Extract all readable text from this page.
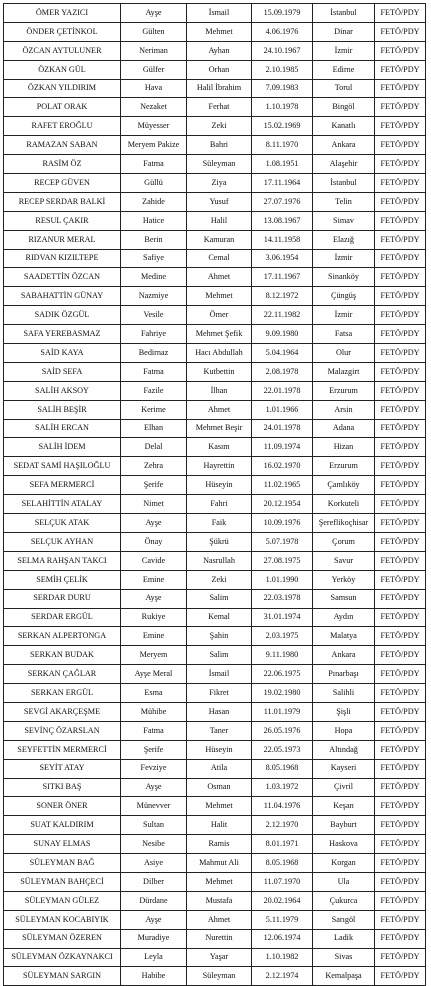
ÖMER YAZICI	Ayşe	İsmail	15.09.1979	İstanbul	FETÖ/PDY
ÖNDER ÇETİNKOL	Gülten	Mehmet	4.06.1976	Dinar	FETÖ/PDY
ÖZCAN AYTULUNER	Neriman	Ayhan	24.10.1967	İzmir	FETÖ/PDY
ÖZKAN GÜL	Gülfer	Orhan	2.10.1985	Edirne	FETÖ/PDY
ÖZKAN YILDIRIM	Hava	Halil İbrahim	7.09.1983	Torul	FETÖ/PDY
POLAT ORAK	Nezaket	Ferhat	1.10.1978	Bingöl	FETÖ/PDY
RAFET EROĞLU	Müyesser	Zeki	15.02.1969	Kanatlı	FETÖ/PDY
RAMAZAN SABAN	Meryem Pakize	Bahri	8.11.1970	Ankara	FETÖ/PDY
RASİM ÖZ	Fatma	Süleyman	1.08.1951	Alaşehir	FETÖ/PDY
RECEP GÜVEN	Güllü	Ziya	17.11.1964	İstanbul	FETÖ/PDY
RECEP SERDAR BALKİ	Zahide	Yusuf	27.07.1976	Telin	FETÖ/PDY
RESUL ÇAKIR	Hatice	Halil	13.08.1967	Simav	FETÖ/PDY
RIZANUR MERAL	Berin	Kamuran	14.11.1958	Elazığ	FETÖ/PDY
RIDVAN KIZILTEPE	Safiye	Cemal	3.06.1954	İzmir	FETÖ/PDY
SAADETTİN ÖZCAN	Medine	Ahmet	17.11.1967	Sinanköy	FETÖ/PDY
SABAHATTİN GÜNAY	Nazmiye	Mehmet	8.12.1972	Çüngüş	FETÖ/PDY
SADIK ÖZGÜL	Vesile	Ömer	22.11.1982	İzmir	FETÖ/PDY
SAFA YEREBASMAZ	Fahriye	Mehmet Şefik	9.09.1980	Fatsa	FETÖ/PDY
SAİD KAYA	Bedirnaz	Hacı Abdullah	5.04.1964	Olur	FETÖ/PDY
SAİD SEFA	Fatma	Kutbettin	2.08.1978	Malazgirt	FETÖ/PDY
SALİH AKSOY	Fazile	İlhan	22.01.1978	Erzurum	FETÖ/PDY
SALİH BEŞİR	Kerime	Ahmet	1.01.1966	Arsin	FETÖ/PDY
SALİH ERCAN	Elhan	Mehmet Beşir	24.01.1978	Adana	FETÖ/PDY
SALİH İDEM	Delal	Kasım	11.09.1974	Hizan	FETÖ/PDY
SEDAT SAMİ HAŞILOĞLU	Zehra	Hayrettin	16.02.1970	Erzurum	FETÖ/PDY
SEFA MERMERCİ	Şerife	Hüseyin	11.02.1965	Çamlıköy	FETÖ/PDY
SELAHİTTİN ATALAY	Nimet	Fahri	20.12.1954	Korkuteli	FETÖ/PDY
SELÇUK ATAK	Ayşe	Faik	10.09.1976	Şereflikoçhisar	FETÖ/PDY
SELÇUK AYHAN	Önay	Şükrü	5.07.1978	Çorum	FETÖ/PDY
SELMA RAHŞAN TAKCI	Cavide	Nasrullah	27.08.1975	Savur	FETÖ/PDY
SEMİH ÇELİK	Emine	Zeki	1.01.1990	Yerköy	FETÖ/PDY
SERDAR DURU	Ayşe	Salim	22.03.1978	Samsun	FETÖ/PDY
SERDAR ERGÜL	Rukiye	Kemal	31.01.1974	Aydın	FETÖ/PDY
SERKAN ALPERTONGA	Emine	Şahin	2.03.1975	Malatya	FETÖ/PDY
SERKAN BUDAK	Meryem	Salim	9.11.1980	Ankara	FETÖ/PDY
SERKAN ÇAĞLAR	Ayşe Meral	İsmail	22.06.1975	Pınarbaşı	FETÖ/PDY
SERKAN ERGÜL	Esma	Fikret	19.02.1980	Salihli	FETÖ/PDY
SEVGİ AKARÇEŞME	Mühibe	Hasan	11.01.1979	Şişli	FETÖ/PDY
SEVİNÇ ÖZARSLAN	Fatma	Taner	26.05.1976	Hopa	FETÖ/PDY
SEYFETTİN MERMERCİ	Şerife	Hüseyin	22.05.1973	Altındağ	FETÖ/PDY
SEYİT ATAY	Fevziye	Atila	8.05.1968	Kayseri	FETÖ/PDY
SITKI BAŞ	Ayşe	Osman	1.03.1972	Çivril	FETÖ/PDY
SONER ÖNER	Münevver	Mehmet	11.04.1976	Keşan	FETÖ/PDY
SUAT KALDIRIM	Sultan	Halit	2.12.1970	Bayburt	FETÖ/PDY
SUNAY ELMAS	Nesibe	Ramis	8.01.1971	Haskova	FETÖ/PDY
SÜLEYMAN BAĞ	Asiye	Mahmut Ali	8.05.1968	Korgan	FETÖ/PDY
SÜLEYMAN BAHÇECİ	Dilber	Mehmet	11.07.1970	Ula	FETÖ/PDY
SÜLEYMAN GÜLEZ	Dürdane	Mustafa	20.02.1964	Çukurca	FETÖ/PDY
SÜLEYMAN KOCABIYIK	Ayşe	Ahmet	5.11.1979	Sarıgöl	FETÖ/PDY
SÜLEYMAN ÖZEREN	Muradiye	Nurettin	12.06.1974	Ladik	FETÖ/PDY
SÜLEYMAN ÖZKAYNAKCI	Leyla	Yaşar	1.10.1982	Sivas	FETÖ/PDY
SÜLEYMAN SARGIN	Habibe	Süleyman	2.12.1974	Kemalpaşa	FETÖ/PDY
